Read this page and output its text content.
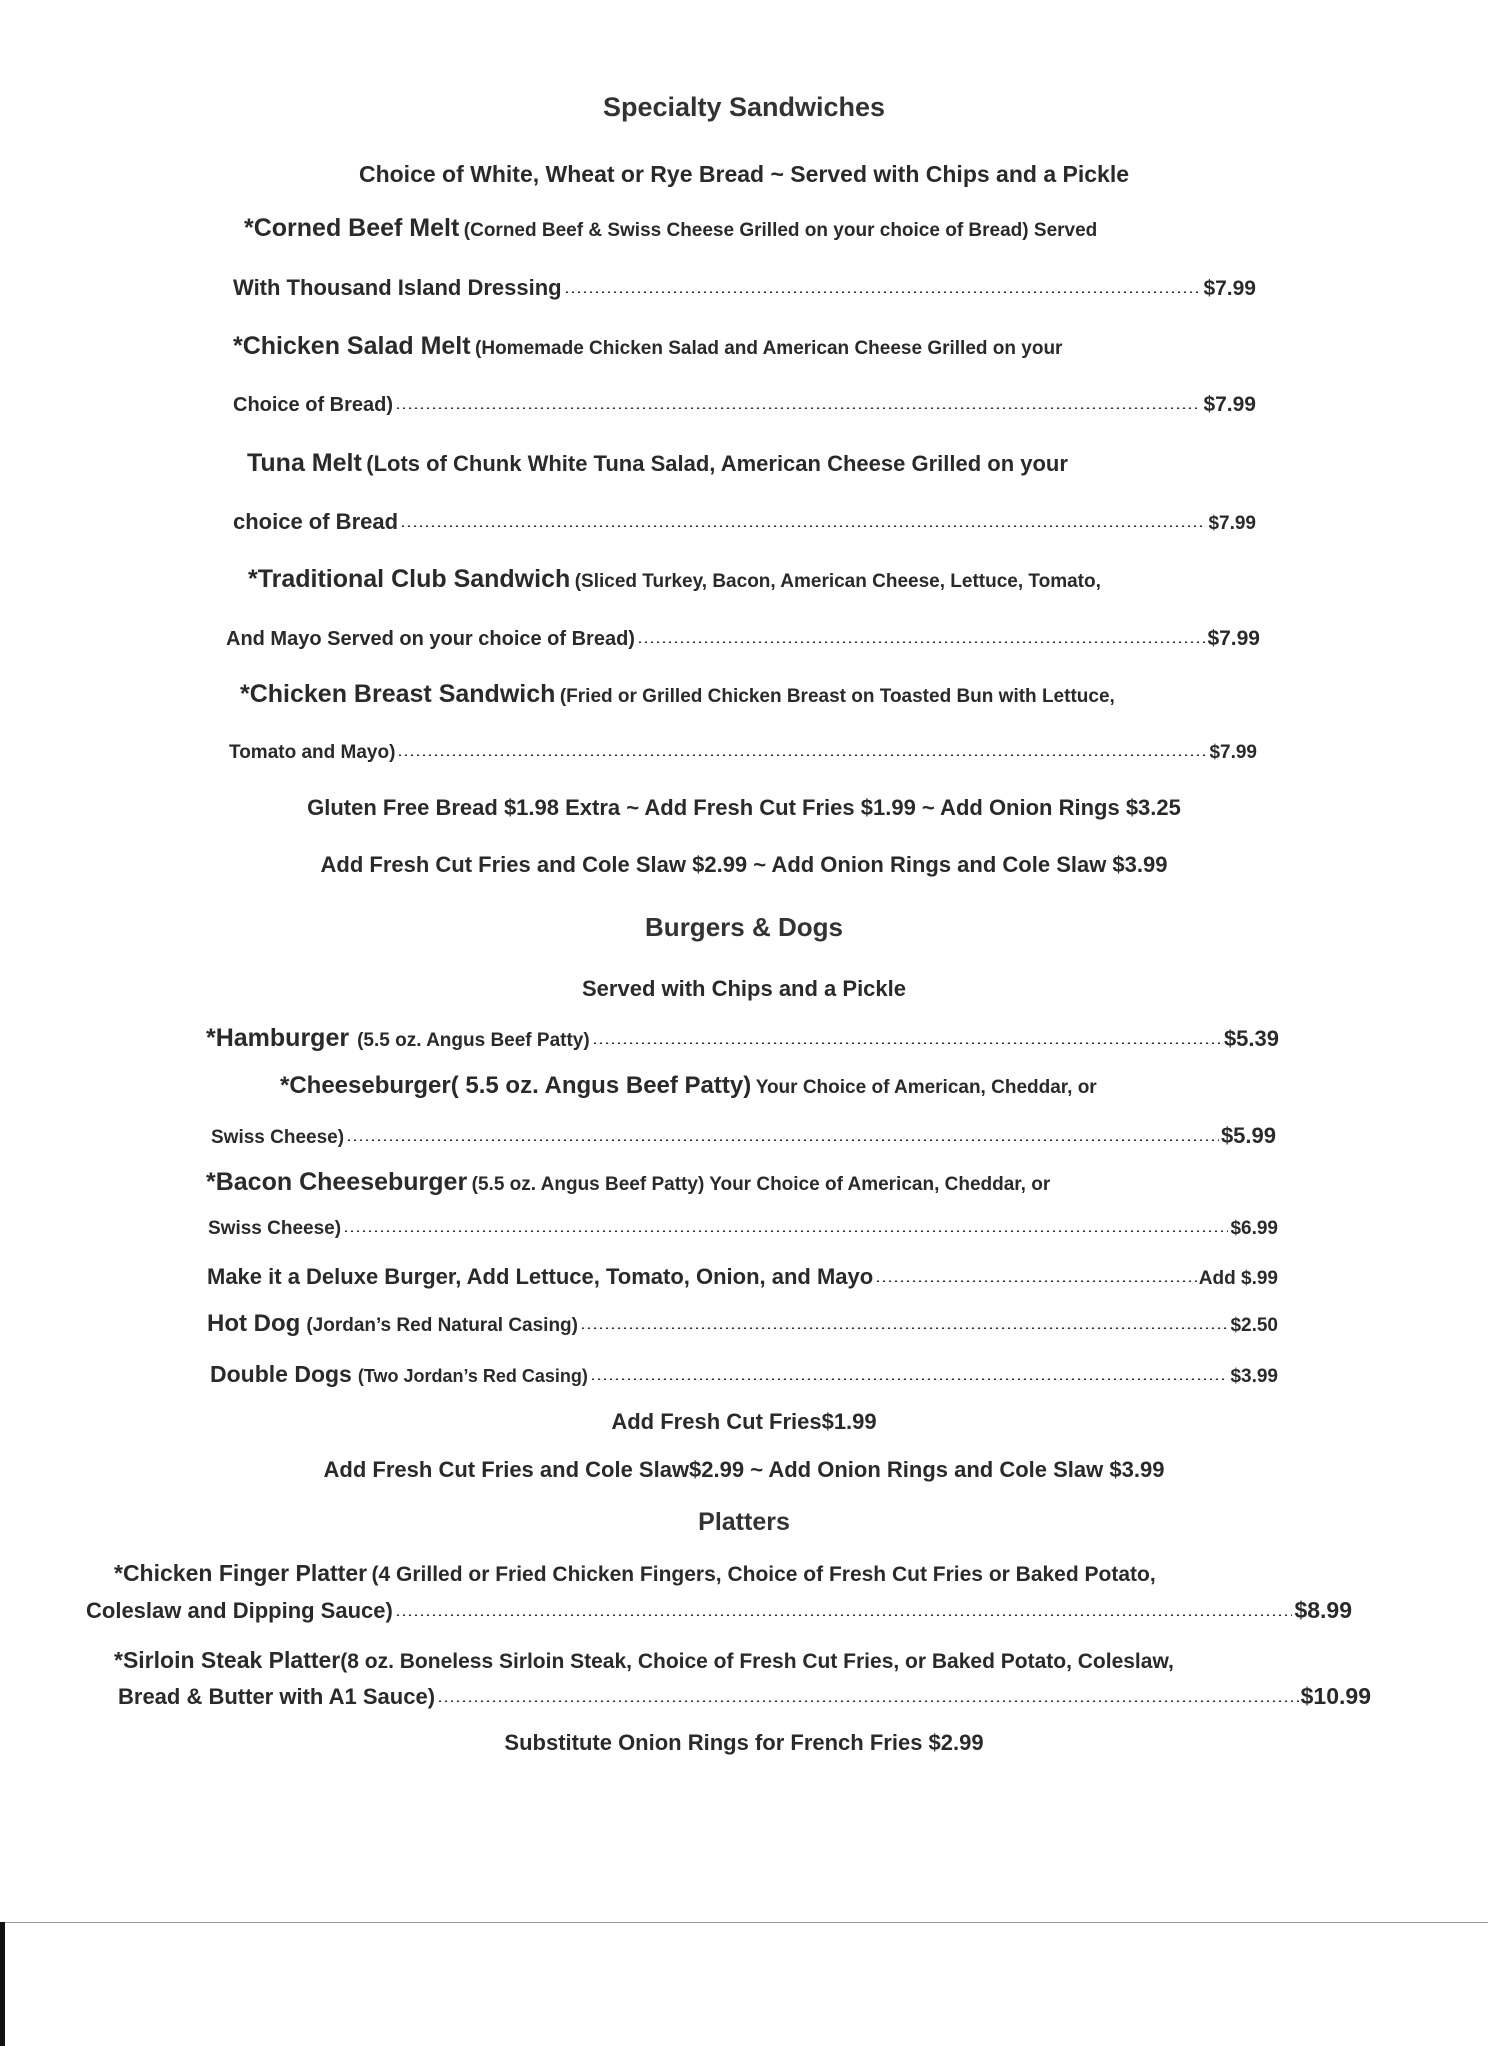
Specialty Sandwiches
Choice of White, Wheat or Rye Bread ~ Served with Chips and a Pickle
*Corned Beef Melt (Corned Beef & Swiss Cheese Grilled on your choice of Bread) Served
With Thousand Island Dressing	$7.99
*Chicken Salad Melt (Homemade Chicken Salad and American Cheese Grilled on your
Choice of Bread)	$7.99
Tuna Melt (Lots of Chunk White Tuna Salad, American Cheese Grilled on your
choice of Bread	$7.99
*Traditional Club Sandwich (Sliced Turkey, Bacon, American Cheese, Lettuce, Tomato,
And Mayo Served on your choice of Bread)	$7.99
*Chicken Breast Sandwich (Fried or Grilled Chicken Breast on Toasted Bun with Lettuce,
Tomato and Mayo)	$7.99
Gluten Free Bread $1.98 Extra ~ Add Fresh Cut Fries $1.99 ~ Add Onion Rings $3.25
Add Fresh Cut Fries and Cole Slaw $2.99 ~ Add Onion Rings and Cole Slaw $3.99
Burgers & Dogs
Served with Chips and a Pickle
*Hamburger (5.5 oz. Angus Beef Patty)	$5.39
*Cheeseburger( 5.5 oz. Angus Beef Patty) Your Choice of American, Cheddar, or
Swiss Cheese)	$5.99
*Bacon Cheeseburger (5.5 oz. Angus Beef Patty) Your Choice of American, Cheddar, or
Swiss Cheese)	$6.99
Make it a Deluxe Burger, Add Lettuce, Tomato, Onion, and Mayo	Add $.99
Hot Dog (Jordan’s Red Natural Casing)	$2.50
Double Dogs (Two Jordan’s Red Casing)	$3.99
Add Fresh Cut Fries$1.99
Add Fresh Cut Fries and Cole Slaw$2.99 ~ Add Onion Rings and Cole Slaw $3.99
Platters
*Chicken Finger Platter (4 Grilled or Fried Chicken Fingers, Choice of Fresh Cut Fries or Baked Potato,
Coleslaw and Dipping Sauce)	$8.99
*Sirloin Steak Platter(8 oz. Boneless Sirloin Steak, Choice of Fresh Cut Fries, or Baked Potato, Coleslaw,
Bread & Butter with A1 Sauce)	$10.99
Substitute Onion Rings for French Fries $2.99
